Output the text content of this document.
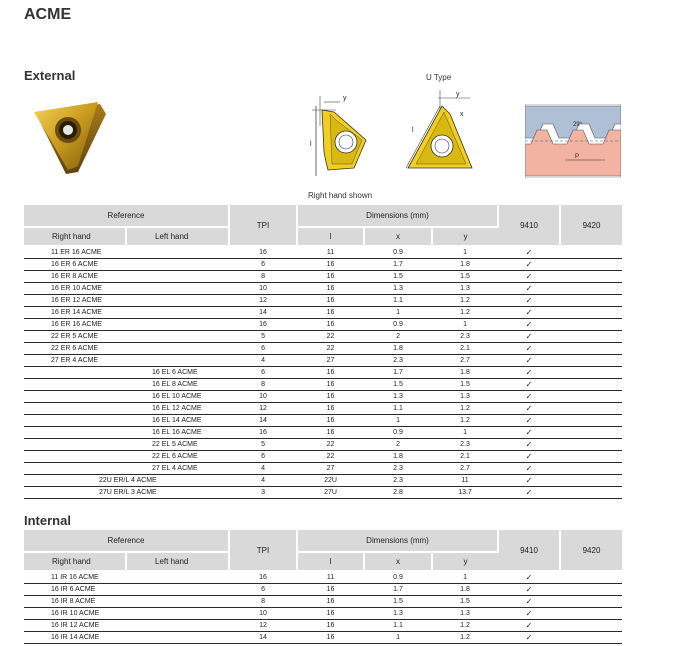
ACME
External
y
l
U Type
y
x
l
29°
P
Right hand shown
Reference		TPI	Dimensions (mm)			9410	9420
Right hand	Left hand		l	x	y		
11 ER 16 ACME		16	11	0.9	1	✓	
16 ER 6 ACME		6	16	1.7	1.8	✓	
16 ER 8 ACME		8	16	1.5	1.5	✓	
16 ER 10 ACME		10	16	1.3	1.3	✓	
16 ER 12 ACME		12	16	1.1	1.2	✓	
16 ER 14 ACME		14	16	1	1.2	✓	
16 ER 16 ACME		16	16	0.9	1	✓	
22 ER 5 ACME		5	22	2	2.3	✓	
22 ER 6 ACME		6	22	1.8	2.1	✓	
27 ER 4 ACME		4	27	2.3	2.7	✓	
	16 EL 6 ACME	6	16	1.7	1.8	✓	
	16 EL 8 ACME	8	16	1.5	1.5	✓	
	16 EL 10 ACME	10	16	1.3	1.3	✓	
	16 EL 12 ACME	12	16	1.1	1.2	✓	
	16 EL 14 ACME	14	16	1	1.2	✓	
	16 EL 16 ACME	16	16	0.9	1	✓	
	22 EL 5 ACME	5	22	2	2.3	✓	
	22 EL 6 ACME	6	22	1.8	2.1	✓	
	27 EL 4 ACME	4	27	2.3	2.7	✓	
22U ER/L 4 ACME		4	22U	2.3	11	✓	
27U ER/L 3 ACME		3	27U	2.8	13.7	✓	
Internal
Reference		TPI	Dimensions (mm)			9410	9420
Right hand	Left hand		l	x	y		
11 IR 16 ACME		16	11	0.9	1	✓	
16 IR 6 ACME		6	16	1.7	1.8	✓	
16 IR 8 ACME		8	16	1.5	1.5	✓	
16 IR 10 ACME		10	16	1.3	1.3	✓	
16 IR 12 ACME		12	16	1.1	1.2	✓	
16 IR 14 ACME		14	16	1	1.2	✓	
